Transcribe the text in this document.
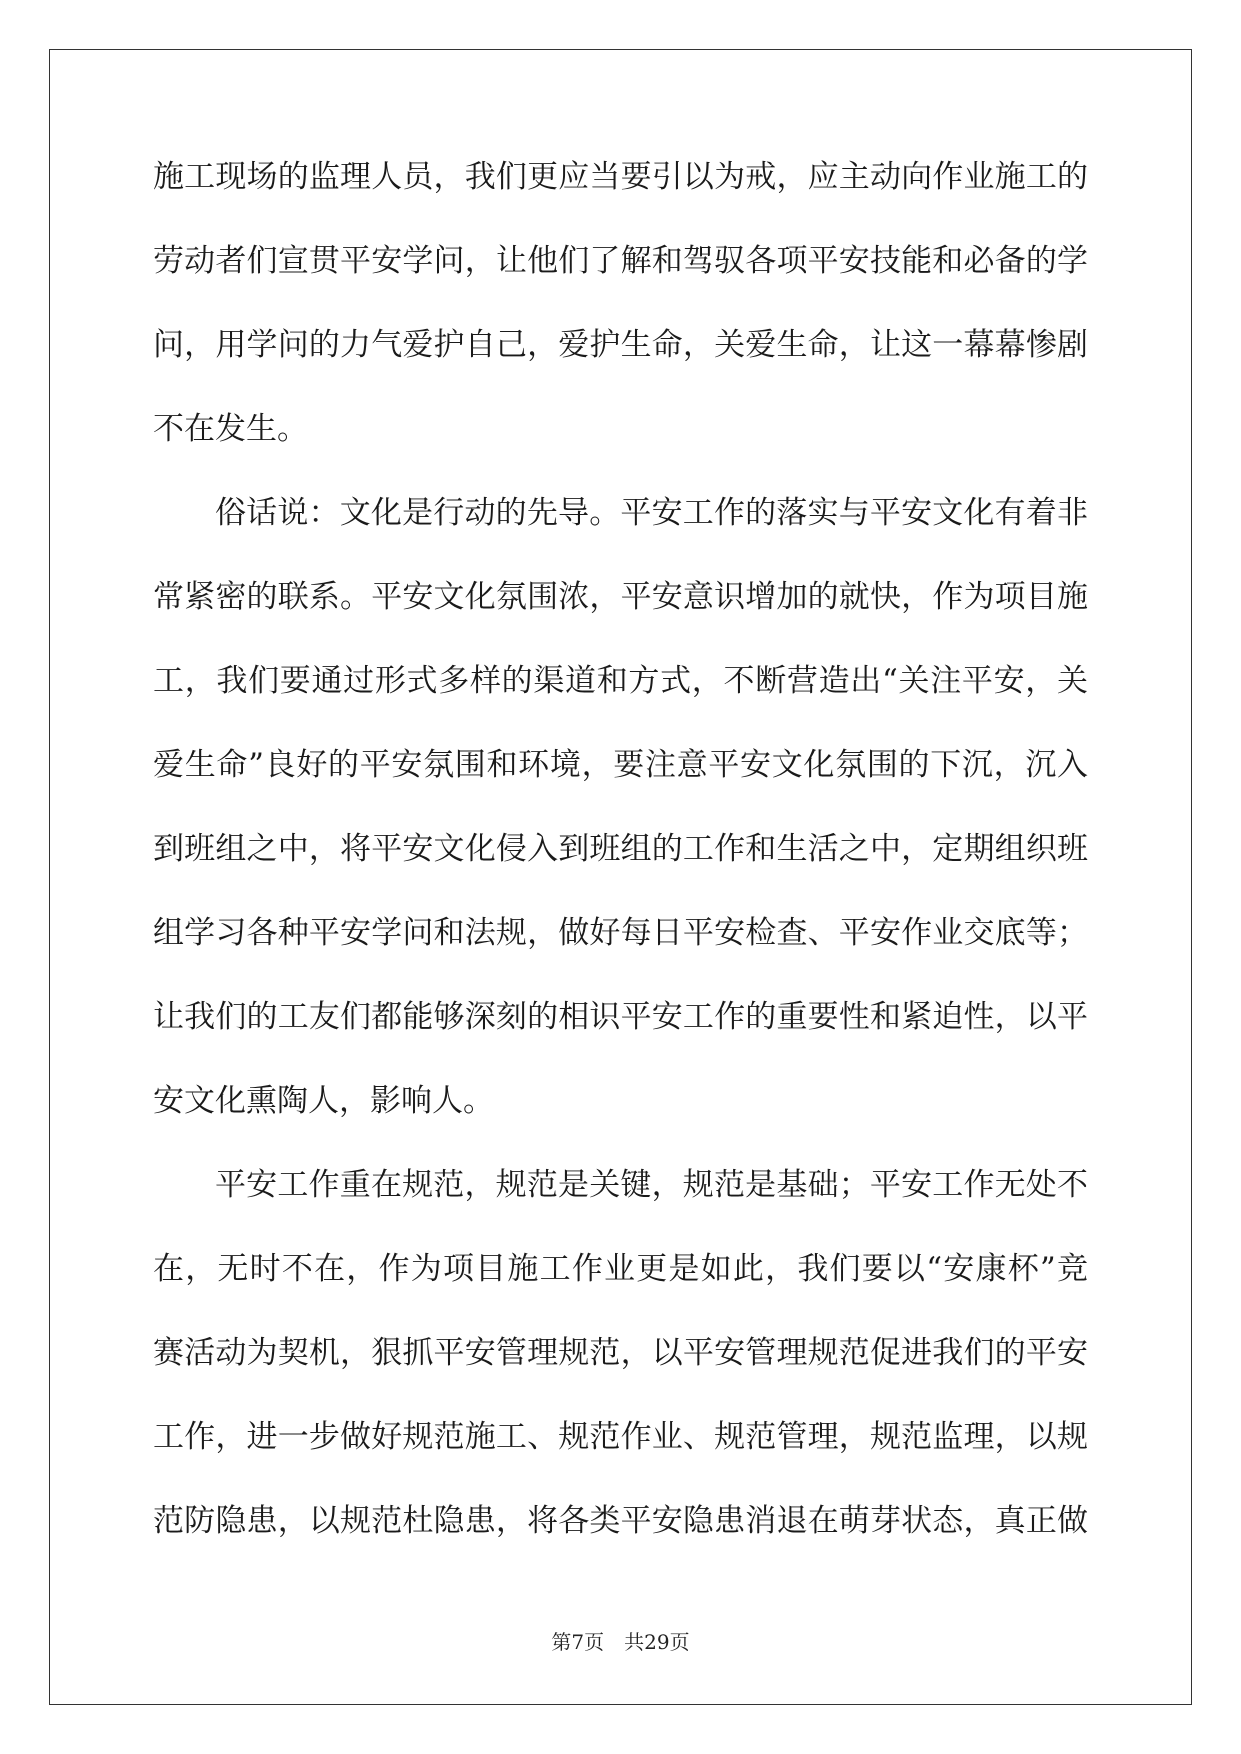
施工现场的监理人员，我们更应当要引以为戒，应主动向作业施工的
劳动者们宣贯平安学问，让他们了解和驾驭各项平安技能和必备的学
问，用学问的力气爱护自己，爱护生命，关爱生命，让这一幕幕惨剧
不在发生。
俗话说：文化是行动的先导。平安工作的落实与平安文化有着非
常紧密的联系。平安文化氛围浓，平安意识增加的就快，作为项目施
工，我们要通过形式多样的渠道和方式，不断营造出“关注平安，关
爱生命”良好的平安氛围和环境，要注意平安文化氛围的下沉，沉入
到班组之中，将平安文化侵入到班组的工作和生活之中，定期组织班
组学习各种平安学问和法规，做好每日平安检查、平安作业交底等；
让我们的工友们都能够深刻的相识平安工作的重要性和紧迫性，以平
安文化熏陶人，影响人。
平安工作重在规范，规范是关键，规范是基础；平安工作无处不
在，无时不在，作为项目施工作业更是如此，我们要以“安康杯”竞
赛活动为契机，狠抓平安管理规范，以平安管理规范促进我们的平安
工作，进一步做好规范施工、规范作业、规范管理，规范监理，以规
范防隐患，以规范杜隐患，将各类平安隐患消退在萌芽状态，真正做
第7页　共29页
